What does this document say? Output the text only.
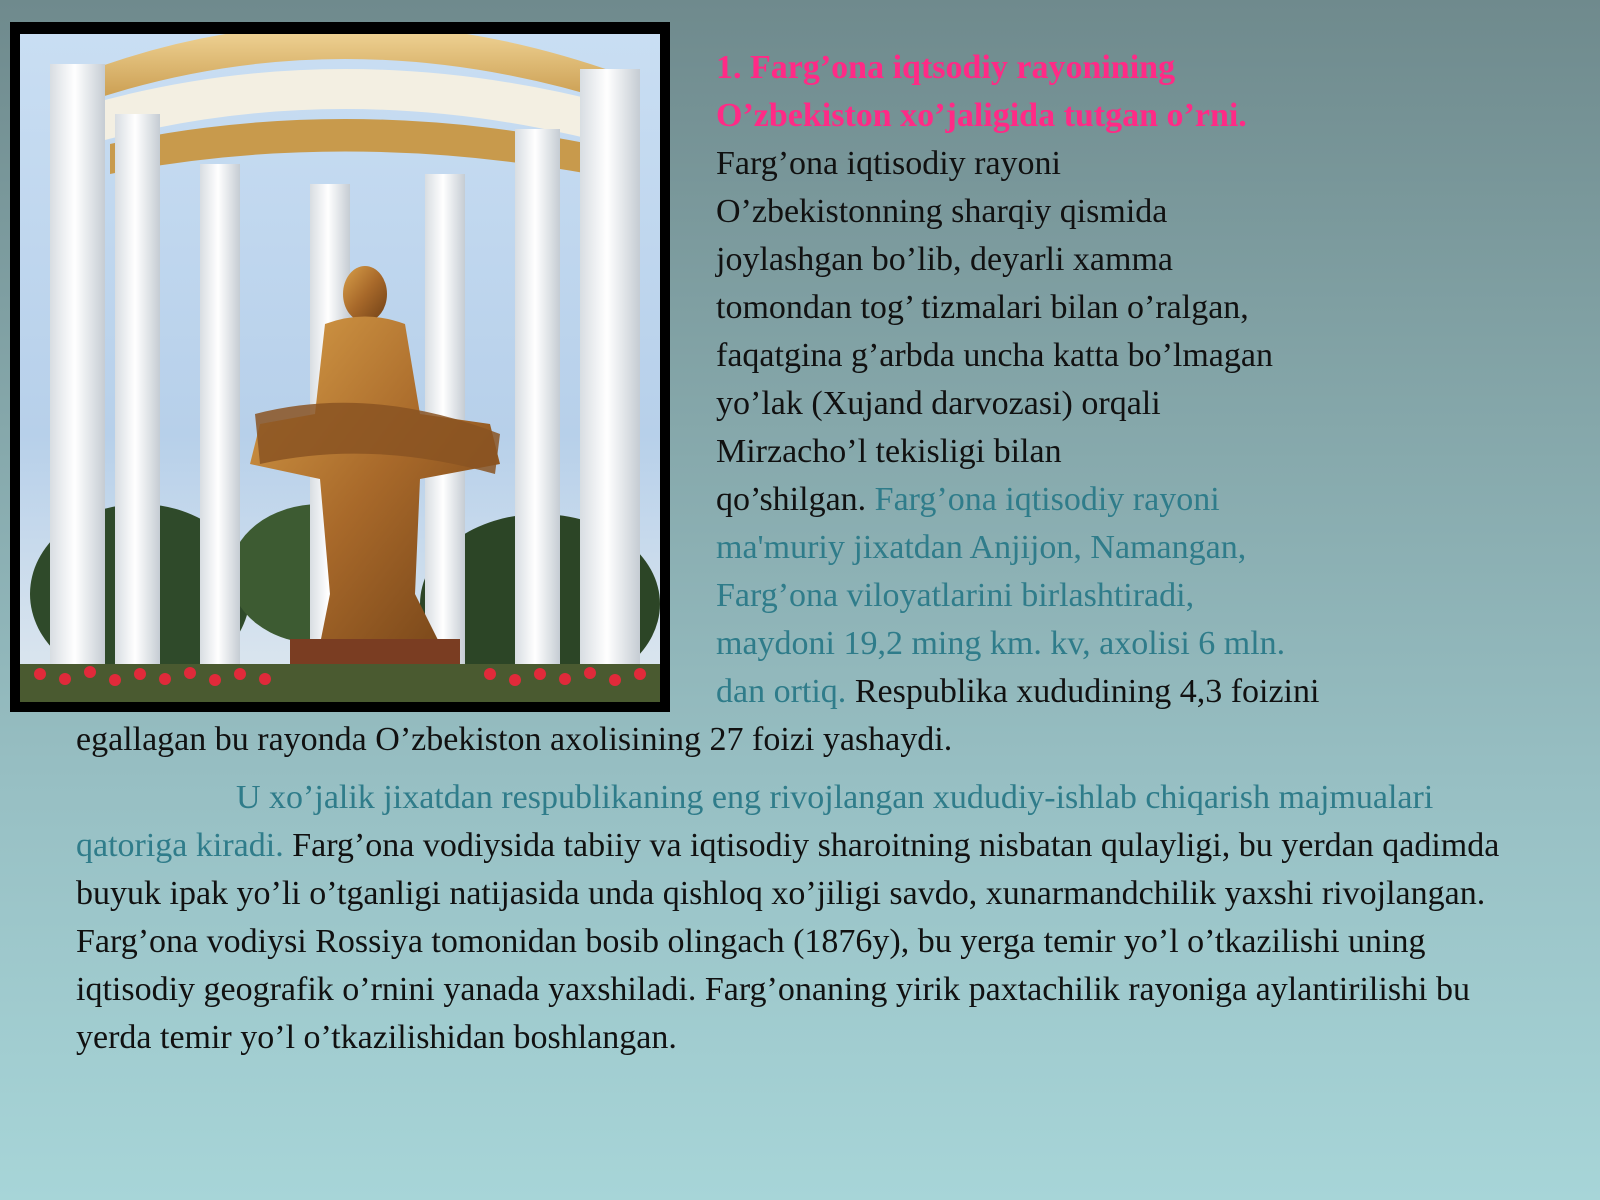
1. Farg’ona iqtsodiy rayonining

O’zbekiston xo’jaligida tutgan o’rni.

Farg’ona iqtisodiy rayoni

O’zbekistonning sharqiy qismida

joylashgan bo’lib, deyarli xamma

tomondan tog’ tizmalari bilan o’ralgan,

faqatgina g’arbda uncha katta bo’lmagan

yo’lak (Xujand darvozasi) orqali

Mirzacho’l tekisligi bilan

qo’shilgan. Farg’ona iqtisodiy rayoni

ma'muriy jixatdan Anjijon, Namangan,

Farg’ona viloyatlarini birlashtiradi,

maydoni 19,2 ming km. kv, axolisi 6 mln.

dan ortiq. Respublika xududining 4,3 foizini

egallagan bu rayonda O’zbekiston axolisining 27 foizi yashaydi.

U xo’jalik jixatdan respublikaning eng rivojlangan xududiy-ishlab chiqarish majmualari qatoriga kiradi. Farg’ona vodiysida tabiiy va iqtisodiy sharoitning nisbatan qulayligi, bu yerdan qadimda buyuk ipak yo’li o’tganligi natijasida unda qishloq xo’jiligi savdo, xunarmandchilik yaxshi rivojlangan. Farg’ona vodiysi Rossiya tomonidan bosib olingach (1876y), bu yerga temir yo’l o’tkazilishi uning iqtisodiy geografik o’rnini yanada yaxshiladi. Farg’onaning yirik paxtachilik rayoniga aylantirilishi bu yerda temir yo’l o’tkazilishidan boshlangan.
